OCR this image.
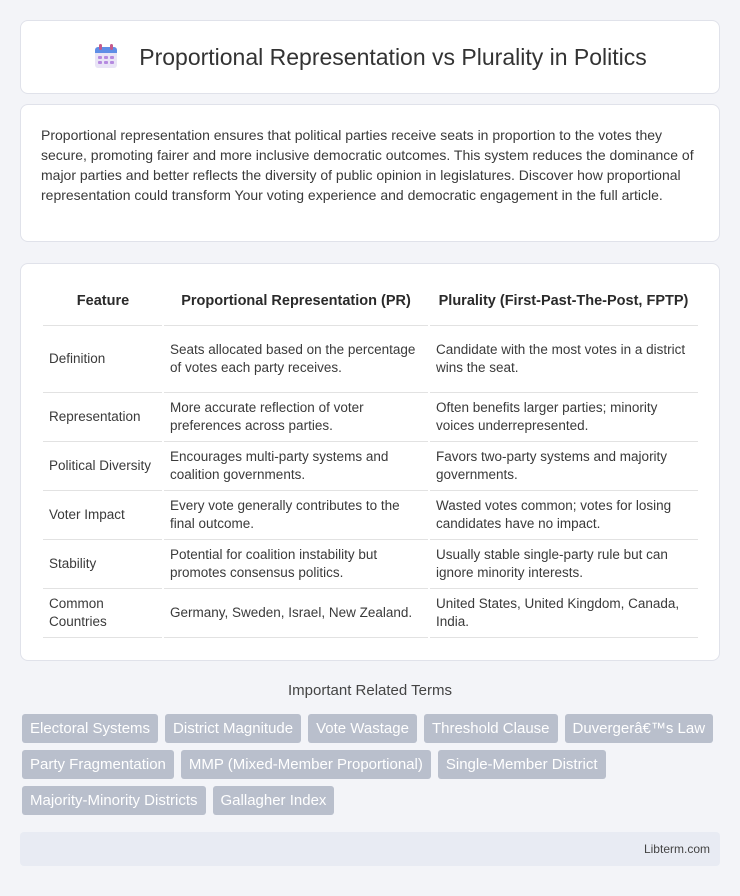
Proportional Representation vs Plurality in Politics

Proportional representation ensures that political parties receive seats in proportion to the votes they secure, promoting fairer and more inclusive democratic outcomes. This system reduces the dominance of major parties and better reflects the diversity of public opinion in legislatures. Discover how proportional representation could transform Your voting experience and democratic engagement in the full article.

Feature	Proportional Representation (PR)	Plurality (First-Past-The-Post, FPTP)
Definition	Seats allocated based on the percentage of votes each party receives.	Candidate with the most votes in a district wins the seat.
Representation	More accurate reflection of voter preferences across parties.	Often benefits larger parties; minority voices underrepresented.
Political Diversity	Encourages multi-party systems and coalition governments.	Favors two-party systems and majority governments.
Voter Impact	Every vote generally contributes to the final outcome.	Wasted votes common; votes for losing candidates have no impact.
Stability	Potential for coalition instability but promotes consensus politics.	Usually stable single-party rule but can ignore minority interests.
Common Countries	Germany, Sweden, Israel, New Zealand.	United States, United Kingdom, Canada, India.
Important Related Terms
Electoral Systems	District Magnitude	Vote Wastage	Threshold Clause	Duvergerâ€™s Law
Party Fragmentation	MMP (Mixed-Member Proportional)	Single-Member District
Majority-Minority Districts	Gallagher Index
Libterm.com
